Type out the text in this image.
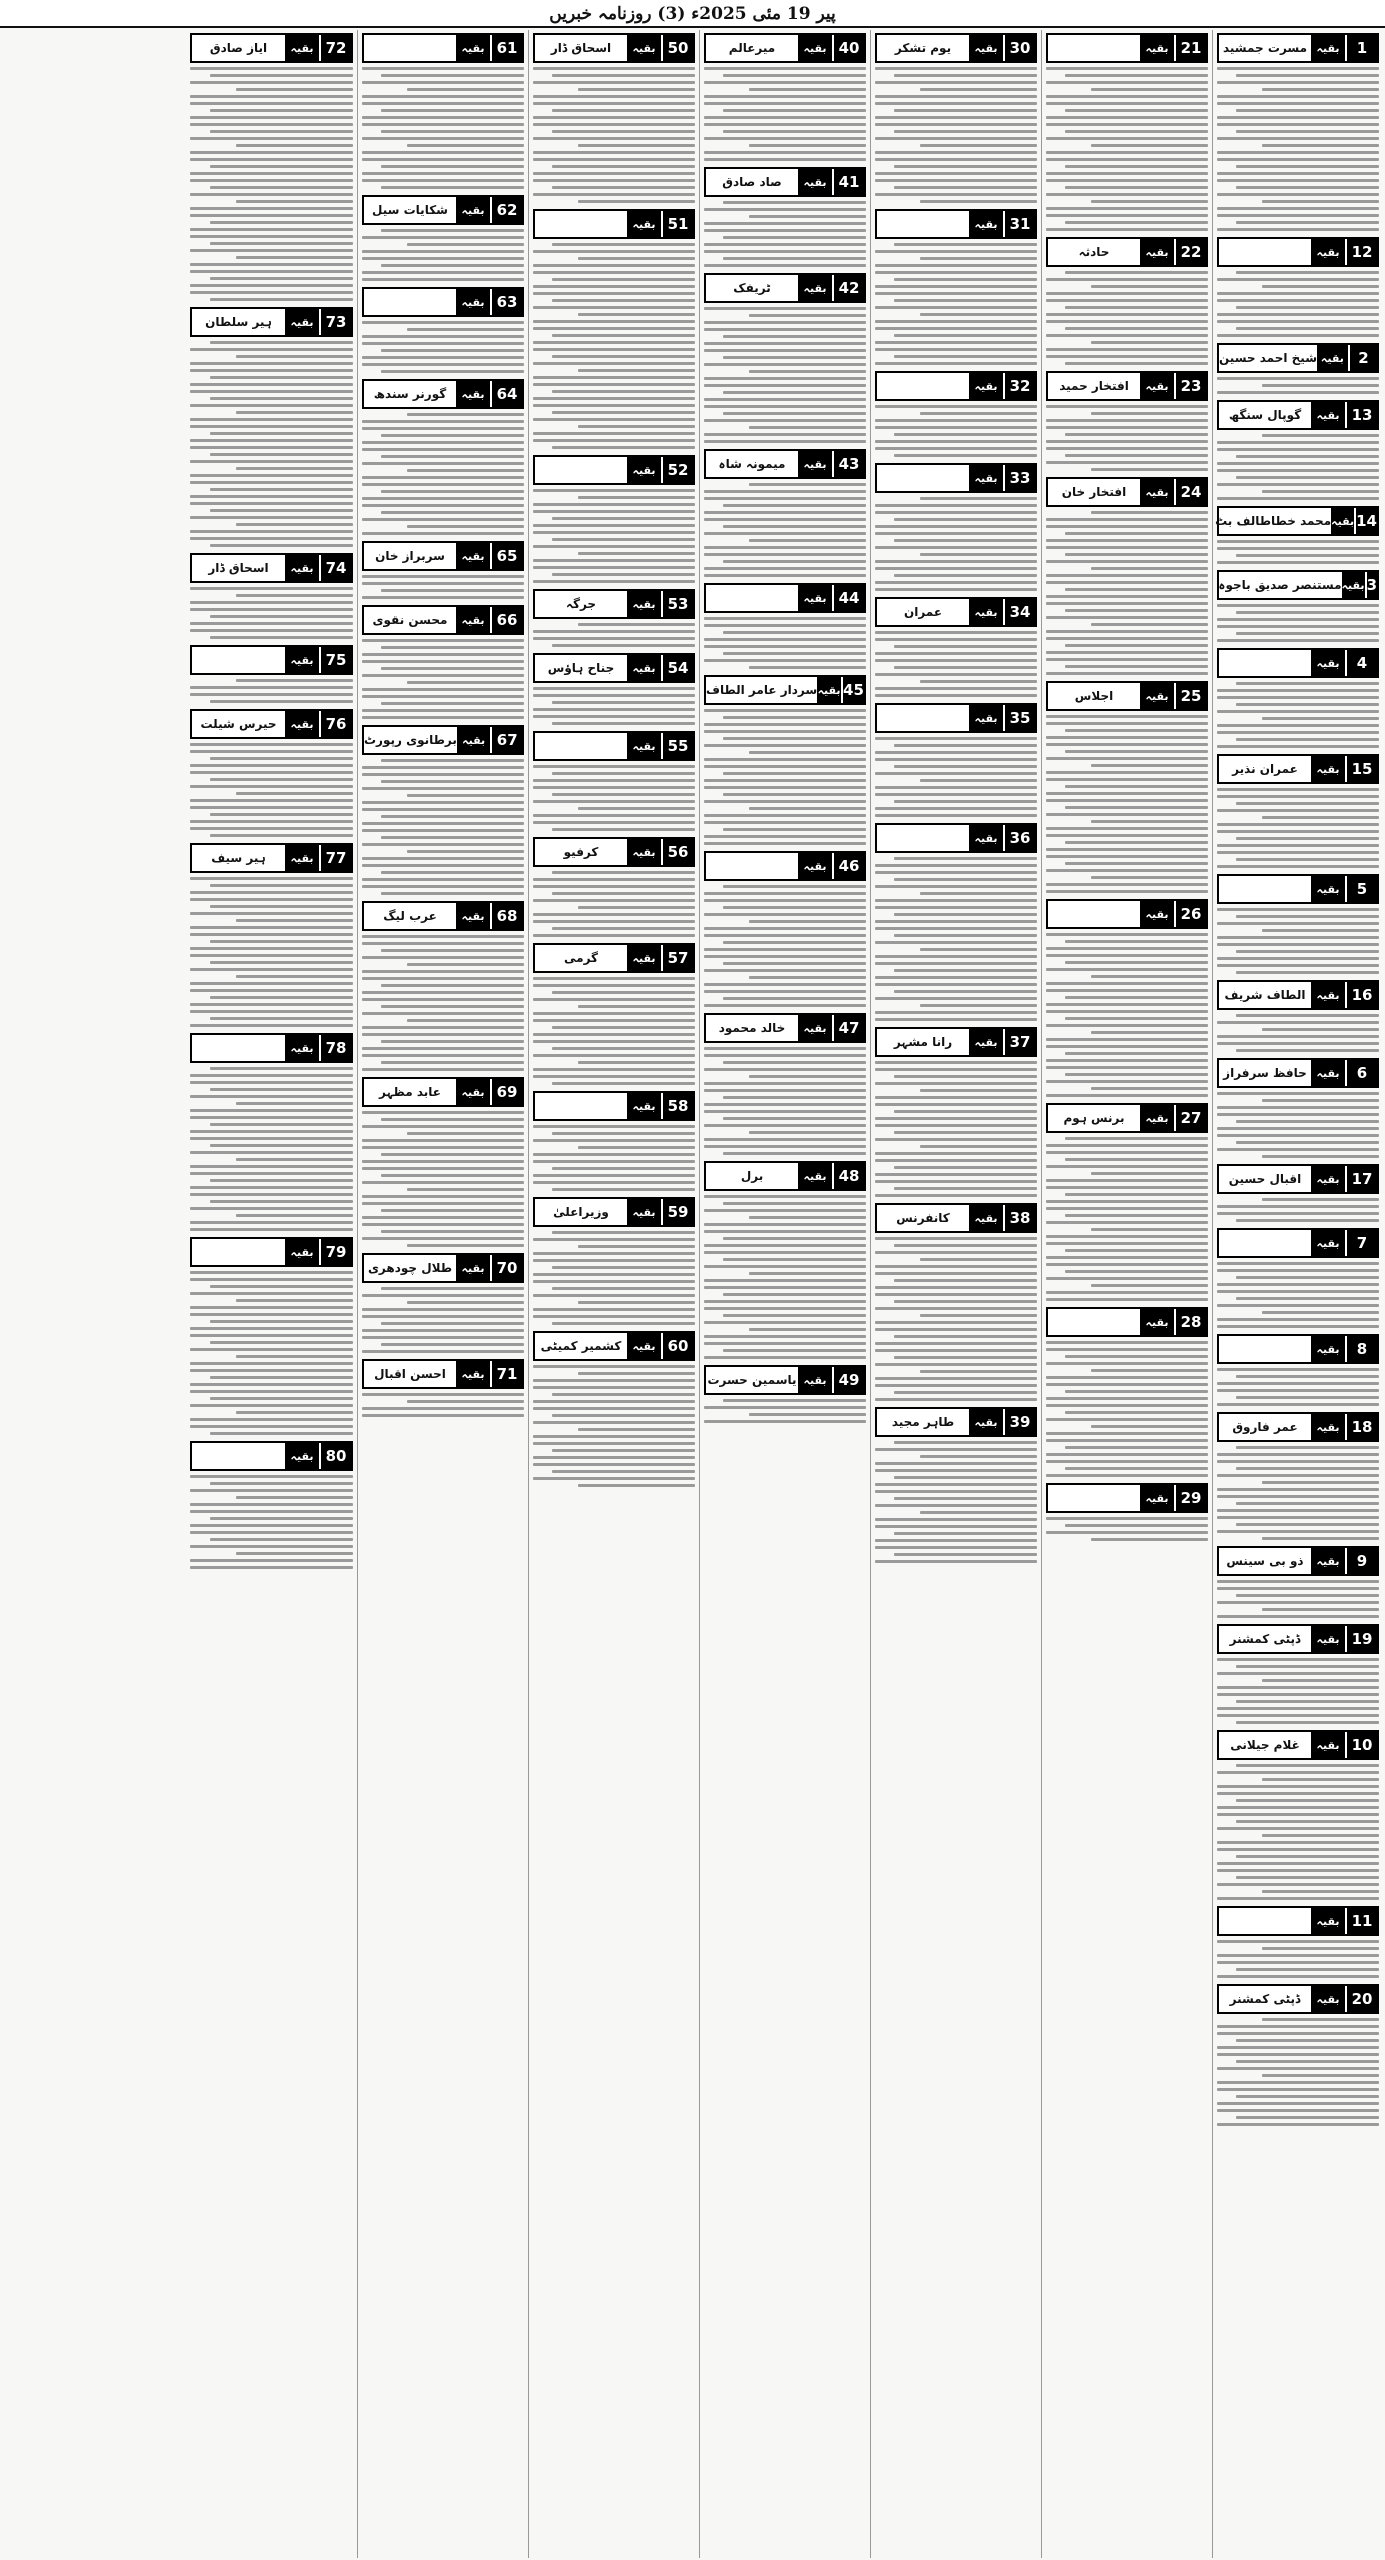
پیر 19 مئی 2025ء (3) روزنامہ خبریں
1
بقیہ
مسرت جمشید
12
بقیہ
2
بقیہ
شیخ احمد حسین
13
بقیہ
گوپال سنگھ
14
بقیہ
محمد خطاطالف بٹ
3
بقیہ
مستنصر صدیق باجوہ
4
بقیہ
15
بقیہ
عمران نذیر
5
بقیہ
16
بقیہ
الطاف شریف
6
بقیہ
حافظ سرفراز
17
بقیہ
اقبال حسین
7
بقیہ
8
بقیہ
18
بقیہ
عمر فاروق
9
بقیہ
ذو بی سینس
19
بقیہ
ڈپٹی کمشنر
10
بقیہ
غلام جیلانی
11
بقیہ
20
بقیہ
ڈپٹی کمشنر
21
بقیہ
22
بقیہ
حادثہ
23
بقیہ
افتخار حمید
24
بقیہ
افتخار خان
25
بقیہ
اجلاس
26
بقیہ
27
بقیہ
برنس ہوم
28
بقیہ
29
بقیہ
30
بقیہ
یوم تشکر
31
بقیہ
32
بقیہ
33
بقیہ
34
بقیہ
عمران
35
بقیہ
36
بقیہ
37
بقیہ
رانا مشہر
38
بقیہ
کانفرنس
39
بقیہ
طاہر مجید
40
بقیہ
میرعالم
41
بقیہ
صاد صادق
42
بقیہ
ٹریفک
43
بقیہ
میمونہ شاہ
44
بقیہ
45
بقیہ
سردار عامر الطاف
46
بقیہ
47
بقیہ
خالد محمود
48
بقیہ
برل
49
بقیہ
یاسمین حسرت
50
بقیہ
اسحاق ڈار
51
بقیہ
52
بقیہ
53
بقیہ
جرگہ
54
بقیہ
جناح ہاؤس
55
بقیہ
56
بقیہ
کرفیو
57
بقیہ
گرمی
58
بقیہ
59
بقیہ
وزیراعلیٰ
60
بقیہ
کشمیر کمیٹی
61
بقیہ
62
بقیہ
شکایات سیل
63
بقیہ
64
بقیہ
گورنر سندھ
65
بقیہ
سربراز خان
66
بقیہ
محسن نقوی
67
بقیہ
برطانوی رپورٹ
68
بقیہ
عرب لیگ
69
بقیہ
عابد مظہر
70
بقیہ
طلال چودھری
71
بقیہ
احسن اقبال
72
بقیہ
ایاز صادق
73
بقیہ
ہیر سلطان
74
بقیہ
اسحاق ڈار
75
بقیہ
76
بقیہ
حیرس شیلت
77
بقیہ
ہیر سیف
78
بقیہ
79
بقیہ
80
بقیہ
